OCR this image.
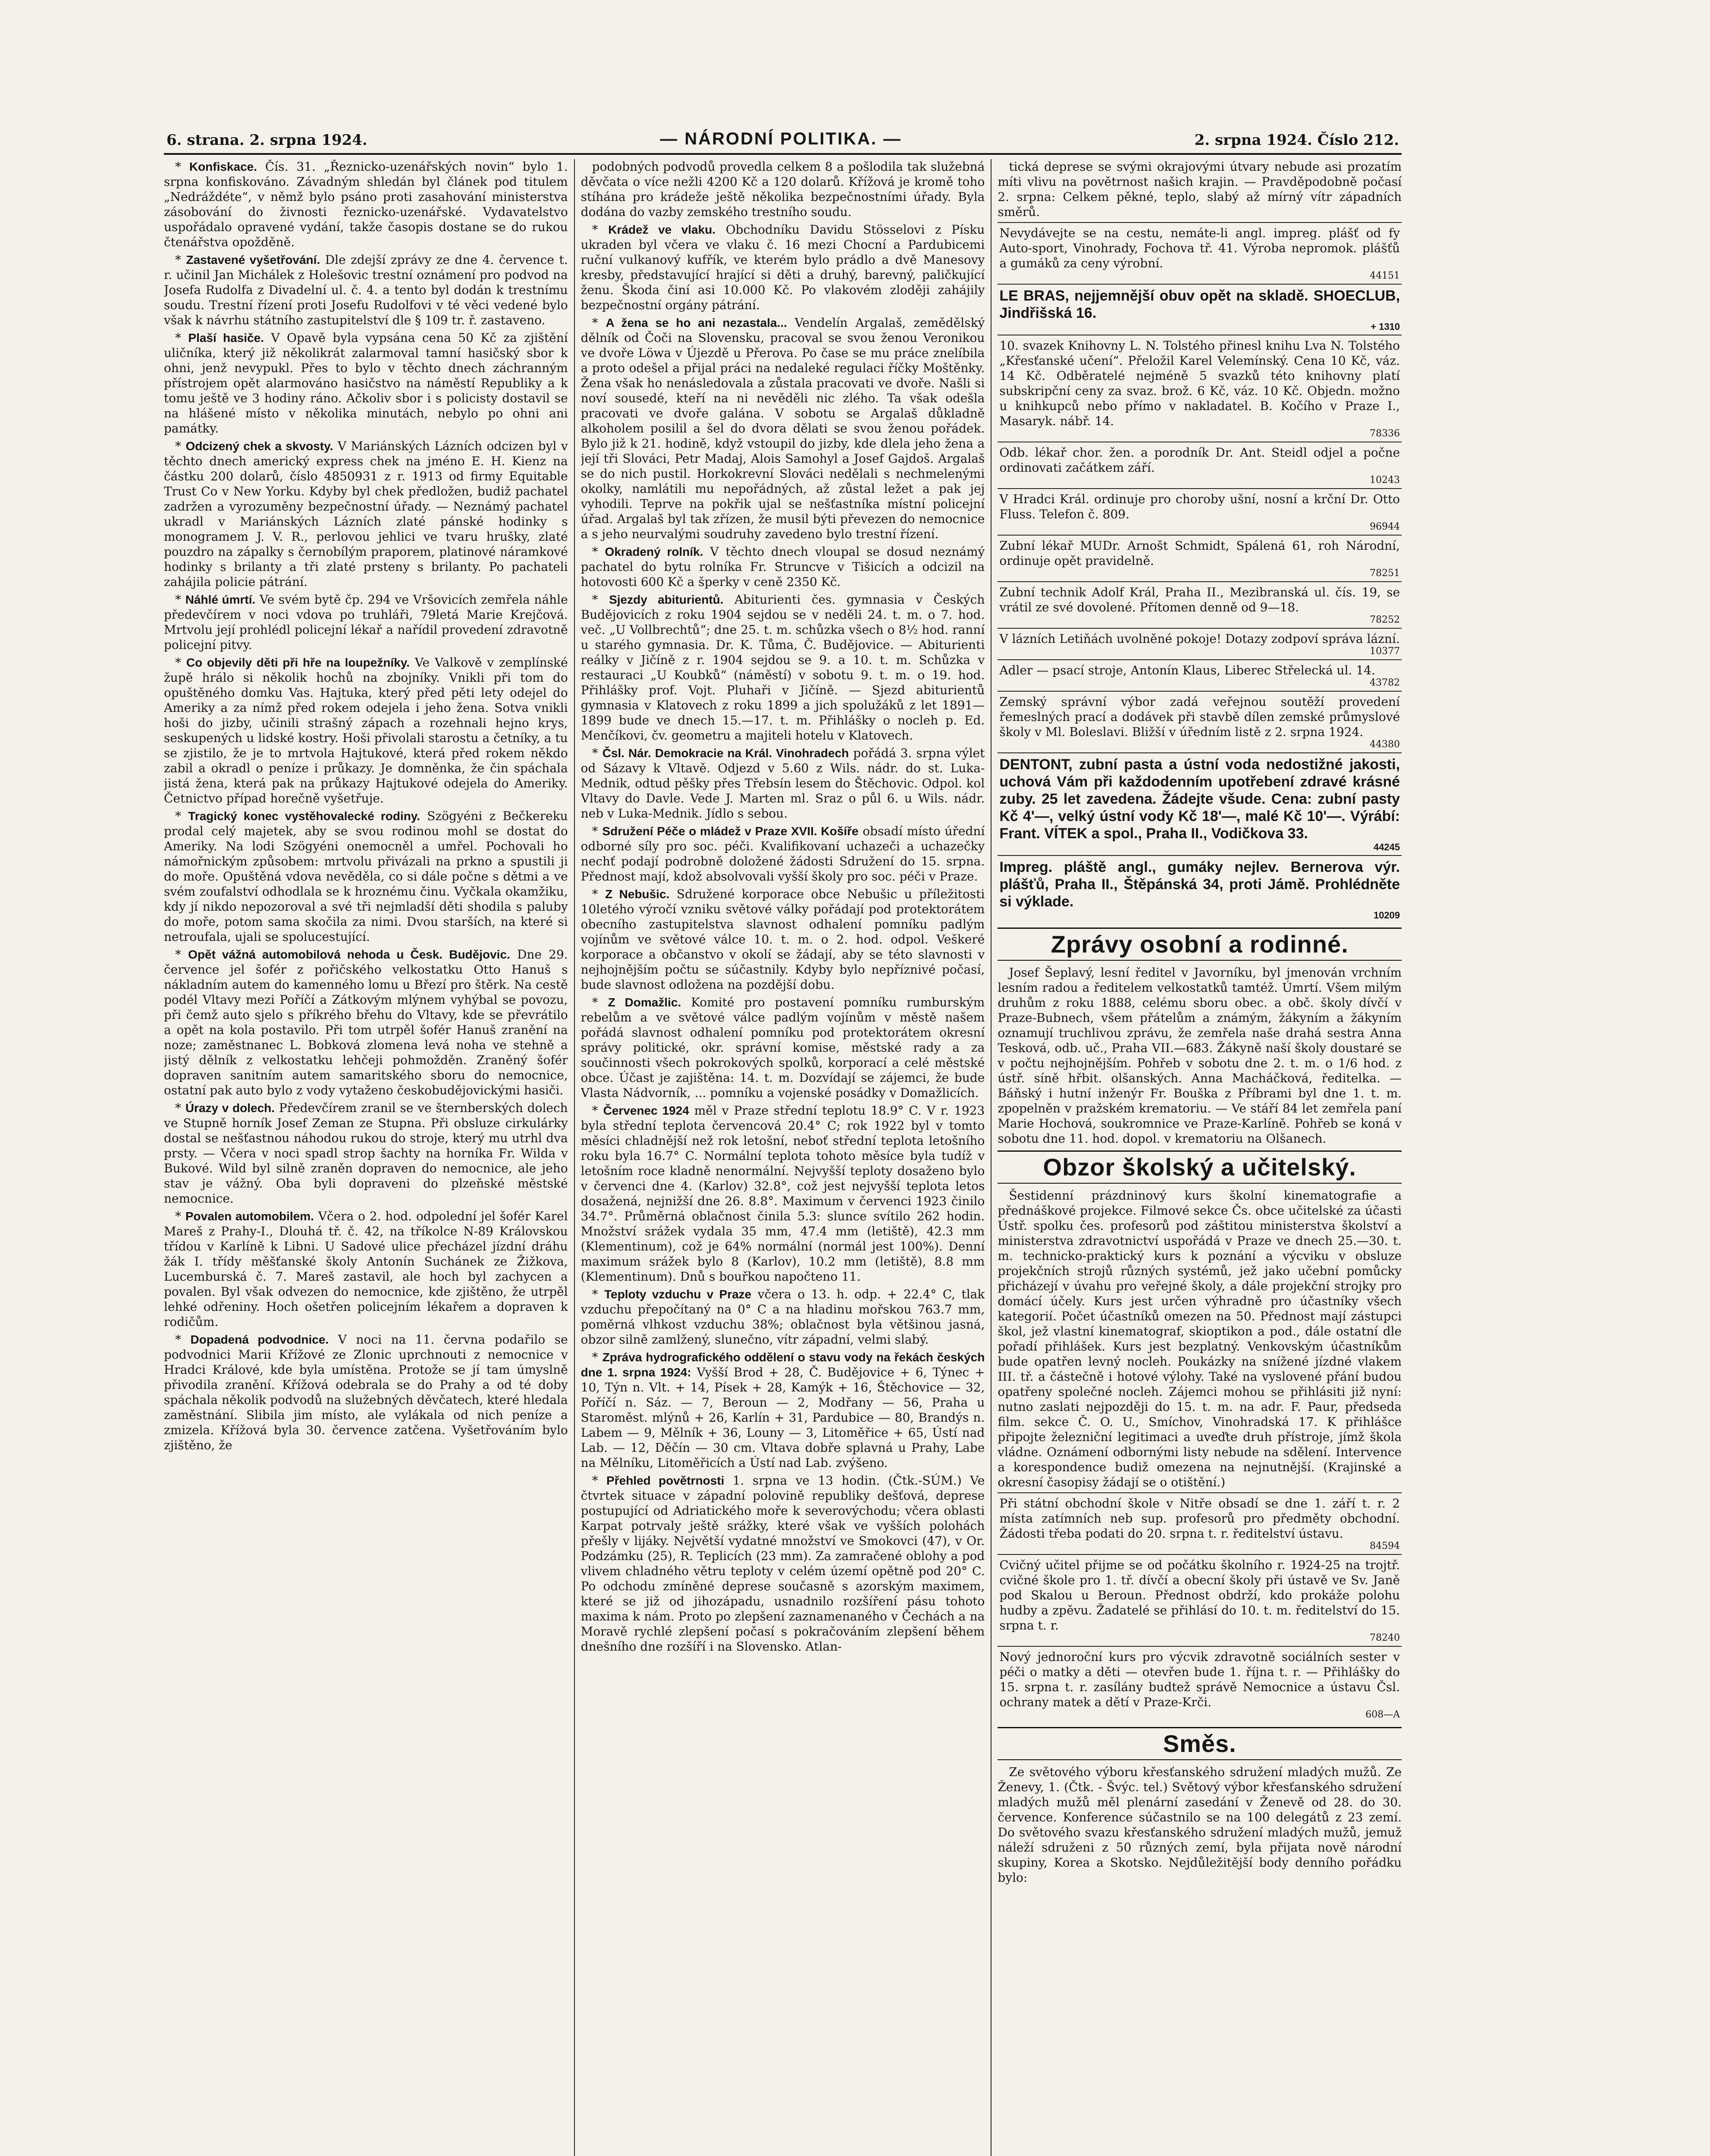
6. strana. 2. srpna 1924.	— NÁRODNÍ POLITIKA. —	2. srpna 1924. Číslo 212.

* Konfiskace. Čís. 31. „Řeznicko-uzenářských novin“ bylo 1. srpna konfiskováno. Závadným shledán byl článek pod titulem „Nedráždéte“, v němž bylo psáno proti zasahování ministerstva zásobování do živnosti řeznicko-uzenářské. Vydavatelstvo uspořádalo opravené vydání, takže časopis dostane se do rukou čtenářstva opožděně.

* Zastavené vyšetřování. Dle zdejší zprávy ze dne 4. července t. r. učinil Jan Michálek z Holešovic trestní oznámení pro podvod na Josefa Rudolfa z Divadelní ul. č. 4. a tento byl dodán k trestnímu soudu. Trestní řízení proti Josefu Rudolfovi v té věci vedené bylo však k návrhu státního zastupitelství dle § 109 tr. ř. zastaveno.

* Plaší hasiče. V Opavě byla vypsána cena 50 Kč za zjištění uličníka, který již několikrát zalarmoval tamní hasičský sbor k ohni, jenž nevypukl. Přes to bylo v těchto dnech záchranným přístrojem opět alarmováno hasičstvo na náměstí Republiky a k tomu ještě ve 3 hodiny ráno. Ačkoliv sbor i s policisty dostavil se na hlášené místo v několika minutách, nebylo po ohni ani památky.

* Odcizený chek a skvosty. V Mariánských Lázních odcizen byl v těchto dnech americký express chek na jméno E. H. Kienz na částku 200 dolarů, číslo 4850931 z r. 1913 od firmy Equitable Trust Co v New Yorku. Kdyby byl chek předložen, budiž pachatel zadržen a vyrozuměny bezpečnostní úřady. — Neznámý pachatel ukradl v Mariánských Lázních zlaté pánské hodinky s monogramem J. V. R., perlovou jehlici ve tvaru hrušky, zlaté pouzdro na zápalky s černobílým praporem, platinové náramkové hodinky s brilanty a tři zlaté prsteny s brilanty. Po pachateli zahájila policie pátrání.

* Náhlé úmrtí. Ve svém bytě čp. 294 ve Vršovicích zemřela náhle předevčírem v noci vdova po truhláři, 79letá Marie Krejčová. Mrtvolu její prohlédl policejní lékař a nařídil provedení zdravotně policejní pitvy.

* Co objevily děti při hře na loupežníky. Ve Valkově v zemplínské župě hrálo si několik hochů na zbojníky. Vnikli při tom do opuštěného domku Vas. Hajtuka, který před pěti lety odejel do Ameriky a za nímž před rokem odejela i jeho žena. Sotva vnikli hoši do jizby, učinili strašný zápach a rozehnali hejno krys, seskupených u lidské kostry. Hoši přivolali starostu a četníky, a tu se zjistilo, že je to mrtvola Hajtukové, která před rokem někdo zabil a okradl o peníze i průkazy. Je domněnka, že čin spáchala jistá žena, která pak na průkazy Hajtukové odejela do Ameriky. Četnictvo případ horečně vyšetřuje.

* Tragický konec vystěhovalecké rodiny. Szögyéni z Bečkereku prodal celý majetek, aby se svou rodinou mohl se dostat do Ameriky. Na lodi Szögyéni onemocněl a umřel. Pochovali ho námořnickým způsobem: mrtvolu přivázali na prkno a spustili ji do moře. Opuštěná vdova nevěděla, co si dále počne s dětmi a ve svém zoufalství odhodlala se k hroznému činu. Vyčkala okamžiku, kdy jí nikdo nepozoroval a své tři nejmladší děti shodila s paluby do moře, potom sama skočila za nimi. Dvou starších, na které si netroufala, ujali se spolucestující.

* Opět vážná automobilová nehoda u Česk. Budějovic. Dne 29. července jel šofér z pořičského velkostatku Otto Hanuš s nákladním autem do kamenného lomu u Březí pro štěrk. Na cestě podél Vltavy mezi Poříčí a Zátkovým mlýnem vyhýbal se povozu, při čemž auto sjelo s příkrého břehu do Vltavy, kde se převrátilo a opět na kola postavilo. Při tom utrpěl šofér Hanuš zranění na noze; zaměstnanec L. Bobková zlomena levá noha ve stehně a jistý dělník z velkostatku lehčeji pohmožděn. Zraněný šofér dopraven sanitním autem samaritského sboru do nemocnice, ostatní pak auto bylo z vody vytaženo českobudějovickými hasiči.

* Úrazy v dolech. Předevčírem zranil se ve šternberských dolech ve Stupně horník Josef Zeman ze Stupna. Při obsluze cirkulárky dostal se nešťastnou náhodou rukou do stroje, který mu utrhl dva prsty. — Včera v noci spadl strop šachty na horníka Fr. Wilda v Bukové. Wild byl silně zraněn dopraven do nemocnice, ale jeho stav je vážný. Oba byli dopraveni do plzeňské městské nemocnice.

* Povalen automobilem. Včera o 2. hod. odpolední jel šofér Karel Mareš z Prahy-I., Dlouhá tř. č. 42, na tříkolce N-89 Královskou třídou v Karlíně k Libni. U Sadové ulice přecházel jízdní dráhu žák I. třídy měšťanské školy Antonín Suchánek ze Žižkova, Lucemburská č. 7. Mareš zastavil, ale hoch byl zachycen a povalen. Byl však odvezen do nemocnice, kde zjištěno, že utrpěl lehké odřeniny. Hoch ošetřen policejním lékařem a dopraven k rodičům.

* Dopadená podvodnice. V noci na 11. června podařilo se podvodnici Marii Křížové ze Zlonic uprchnouti z nemocnice v Hradci Králové, kde byla umístěna. Protože se jí tam úmyslně přivodila zranění. Křížová odebrala se do Prahy a od té doby spáchala několik podvodů na služebných děvčatech, které hledala zaměstnání. Slibila jim místo, ale vylákala od nich peníze a zmizela. Křížová byla 30. července zatčena. Vyšetřováním bylo zjištěno, že

podobných podvodů provedla celkem 8 a pošlodila tak služebná děvčata o více nežli 4200 Kč a 120 dolarů. Křížová je kromě toho stíhána pro krádeže ještě několika bezpečnostními úřady. Byla dodána do vazby zemského trestního soudu.

* Krádež ve vlaku. Obchodníku Davidu Stösselovi z Písku ukraden byl včera ve vlaku č. 16 mezi Chocní a Pardubicemi ruční vulkanový kufřík, ve kterém bylo prádlo a dvě Manesovy kresby, představující hrající si děti a druhý, barevný, paličkující ženu. Škoda činí asi 10.000 Kč. Po vlakovém zloději zahájily bezpečnostní orgány pátrání.

* A žena se ho ani nezastala... Vendelín Argalaš, zemědělský dělník od Čoči na Slovensku, pracoval se svou ženou Veronikou ve dvoře Löwa v Újezdě u Přerova. Po čase se mu práce znelíbila a proto odešel a přijal práci na nedaleké regulaci říčky Moštěnky. Žena však ho nenásledovala a zůstala pracovati ve dvoře. Našli si noví sousedé, kteří na ni nevěděli nic zlého. Ta však odešla pracovati ve dvoře galána. V sobotu se Argalaš důkladně alkoholem posilil a šel do dvora dělati se svou ženou pořádek. Bylo již k 21. hodině, když vstoupil do jizby, kde dlela jeho žena a její tři Slováci, Petr Madaj, Alois Samohyl a Josef Gajdoš. Argalaš se do nich pustil. Horkokrevní Slováci nedělali s nechmelenými okolky, namlátili mu nepořádných, až zůstal ležet a pak jej vyhodili. Teprve na pokřik ujal se nešťastníka místní policejní úřad. Argalaš byl tak zřízen, že musil býti převezen do nemocnice a s jeho neurvalými soudruhy zavedeno bylo trestní řízení.

* Okradený rolník. V těchto dnech vloupal se dosud neznámý pachatel do bytu rolníka Fr. Struncve v Tišicích a odcizil na hotovosti 600 Kč a šperky v ceně 2350 Kč.

* Sjezdy abiturientů. Abiturienti čes. gymnasia v Českých Budějovicích z roku 1904 sejdou se v neděli 24. t. m. o 7. hod. več. „U Vollbrechtů“; dne 25. t. m. schůzka všech o 8½ hod. ranní u starého gymnasia. Dr. K. Tůma, Č. Budějovice. — Abiturienti reálky v Jičíně z r. 1904 sejdou se 9. a 10. t. m. Schůzka v restauraci „U Koubků“ (náměstí) v sobotu 9. t. m. o 19. hod. Přihlášky prof. Vojt. Pluhaři v Jičíně. — Sjezd abiturientů gymnasia v Klatovech z roku 1899 a jich spolužáků z let 1891—1899 bude ve dnech 15.—17. t. m. Přihlášky o nocleh p. Ed. Menčíkovi, čv. geometru a majiteli hotelu v Klatovech.

* Čsl. Nár. Demokracie na Král. Vinohradech pořádá 3. srpna výlet od Sázavy k Vltavě. Odjezd v 5.60 z Wils. nádr. do st. Luka-Mednik, odtud pěšky přes Třebsín lesem do Štěchovic. Odpol. kol Vltavy do Davle. Vede J. Marten ml. Sraz o půl 6. u Wils. nádr. neb v Luka-Mednik. Jídlo s sebou.

* Sdružení Péče o mládež v Praze XVII. Košíře obsadí místo úřední odborné síly pro soc. péči. Kvalifikovaní uchazeči a uchazečky nechť podají podrobně doložené žádosti Sdružení do 15. srpna. Přednost mají, kdož absolvovali vyšší školy pro soc. péči v Praze.

* Z Nebušic. Sdružené korporace obce Nebušic u příležitosti 10letého výročí vzniku světové války pořádají pod protektorátem obecního zastupitelstva slavnost odhalení pomníku padlým vojínům ve světové válce 10. t. m. o 2. hod. odpol. Veškeré korporace a občanstvo v okolí se žádají, aby se této slavnosti v nejhojnějším počtu se súčastnily. Kdyby bylo nepříznivé počasí, bude slavnost odložena na pozdější dobu.

* Z Domažlic. Komité pro postavení pomníku rumburským rebelům a ve světové válce padlým vojínům v městě našem pořádá slavnost odhalení pomníku pod protektorátem okresní správy politické, okr. správní komise, městské rady a za součinnosti všech pokrokových spolků, korporací a celé městské obce. Účast je zajištěna: 14. t. m. Dozvídají se zájemci, že bude Vlasta Nádvorník, ... pomníku a vojenské posádky v Domažlicích.

* Červenec 1924 měl v Praze střední teplotu 18.9° C. V r. 1923 byla střední teplota červencová 20.4° C; rok 1922 byl v tomto měsíci chladnější než rok letošní, neboť střední teplota letošního roku byla 16.7° C. Normální teplota tohoto měsíce byla tudíž v letošním roce kladně nenormální. Nejvyšší teploty dosaženo bylo v červenci dne 4. (Karlov) 32.8°, což jest nejvyšší teplota letos dosažená, nejnižší dne 26. 8.8°. Maximum v červenci 1923 činilo 34.7°. Průměrná oblačnost činila 5.3: slunce svítilo 262 hodin. Množství srážek vydala 35 mm, 47.4 mm (letiště), 42.3 mm (Klementinum), což je 64% normální (normál jest 100%). Denní maximum srážek bylo 8 (Karlov), 10.2 mm (letiště), 8.8 mm (Klementinum). Dnů s bouřkou napočteno 11.

* Teploty vzduchu v Praze včera o 13. h. odp. + 22.4° C, tlak vzduchu přepočítaný na 0° C a na hladinu mořskou 763.7 mm, poměrná vlhkost vzduchu 38%; oblačnost byla většinou jasná, obzor silně zamlžený, slunečno, vítr západní, velmi slabý.

* Zpráva hydrografického oddělení o stavu vody na řekách českých dne 1. srpna 1924: Vyšší Brod + 28, Č. Budějovice + 6, Týnec + 10, Týn n. Vlt. + 14, Písek + 28, Kamýk + 16, Štěchovice — 32, Poříčí n. Sáz. — 7, Beroun — 2, Modřany — 56, Praha u Staroměst. mlýnů + 26, Karlín + 31, Pardubice — 80, Brandýs n. Labem — 9, Mělník + 36, Louny — 3, Litoměřice + 65, Ústí nad Lab. — 12, Děčín — 30 cm. Vltava dobře splavná u Prahy, Labe na Mělníku, Litoměřicích a Ústí nad Lab. zvýšeno.

* Přehled povětrnosti 1. srpna ve 13 hodin. (Čtk.-SÚM.) Ve čtvrtek situace v západní polovině republiky dešťová, deprese postupující od Adriatického moře k severovýchodu; včera oblasti Karpat potrvaly ještě srážky, které však ve vyšších polohách přešly v lijáky. Největší vydatné množství ve Smokovci (47), v Or. Podzámku (25), R. Teplicích (23 mm). Za zamračené oblohy a pod vlivem chladného větru teploty v celém území opětně pod 20° C. Po odchodu zmíněné deprese současně s azorským maximem, které se již od jihozápadu, usnadnilo rozšíření pásu tohoto maxima k nám. Proto po zlepšení zaznamenaného v Čechách a na Moravě rychlé zlepšení počasí s pokračováním zlepšení během dnešního dne rozšíří i na Slovensko. Atlan-

tická deprese se svými okrajovými útvary nebude asi prozatím míti vlivu na povětrnost našich krajin. — Pravděpodobně počasí 2. srpna: Celkem pěkné, teplo, slabý až mírný vítr západních směrů.

Nevydávejte se na cestu, nemáte-li angl. impreg. plášť od fy Auto-sport, Vinohrady, Fochova tř. 41. Výroba nepromok. plášťů a gumáků za ceny výrobní.
44151
LE BRAS, nejjemnější obuv opět na skladě. SHOECLUB, Jindřišská 16.
+ 1310
10. svazek Knihovny L. N. Tolstého přinesl knihu Lva N. Tolstého „Křesťanské učení“. Přeložil Karel Velemínský. Cena 10 Kč, váz. 14 Kč. Odběratelé nejméně 5 svazků této knihovny platí subskripční ceny za svaz. brož. 6 Kč, váz. 10 Kč. Objedn. možno u knihkupců nebo přímo v nakladatel. B. Kočího v Praze I., Masaryk. nábř. 14.
78336
Odb. lékař chor. žen. a porodník Dr. Ant. Steidl odjel a počne ordinovati začátkem září.
10243
V Hradci Král. ordinuje pro choroby ušní, nosní a krční Dr. Otto Fluss. Telefon č. 809.
96944
Zubní lékař MUDr. Arnošt Schmidt, Spálená 61, roh Národní, ordinuje opět pravidelně.
78251
Zubní technik Adolf Král, Praha II., Mezibranská ul. čís. 19, se vrátil ze své dovolené. Přítomen denně od 9—18.
78252
V lázních Letiňách uvolněné pokoje! Dotazy zodpoví správa lázní.
10377
Adler — psací stroje, Antonín Klaus, Liberec Střelecká ul. 14.
43782
Zemský správní výbor zadá veřejnou soutěží provedení řemeslných prací a dodávek při stavbě dílen zemské průmyslové školy v Ml. Boleslavi. Bližší v úředním listě z 2. srpna 1924.
44380
DENTONT, zubní pasta a ústní voda nedostižné jakosti, uchová Vám při každodenním upotřebení zdravé krásné zuby. 25 let zavedena. Žádejte všude. Cena: zubní pasty Kč 4'—, velký ústní vody Kč 18'—, malé Kč 10'—. Výrábí: Frant. VÍTEK a spol., Praha II., Vodičkova 33.
44245
Impreg. pláště angl., gumáky nejlev. Bernerova výr. plášťů, Praha II., Štěpánská 34, proti Jámě. Prohlédněte si výklade.
10209
Zprávy osobní a rodinné.

Josef Šeplavý, lesní ředitel v Javorníku, byl jmenován vrchním lesním radou a ředitelem velkostatků tamtéž. Úmrtí. Všem milým druhům z roku 1888, celému sboru obec. a obč. školy dívčí v Praze-Bubnech, všem přátelům a známým, žákyním a žákyním oznamují truchlivou zprávu, že zemřela naše drahá sestra Anna Tesková, odb. uč., Praha VII.—683. Žákyně naší školy doustaré se v počtu nejhojnějším. Pohřeb v sobotu dne 2. t. m. o 1/6 hod. z ústř. síně hřbit. olšanských. Anna Macháčková, ředitelka. — Báňský i hutní inženýr Fr. Bouška z Příbrami byl dne 1. t. m. zpopelněn v pražském krematoriu. — Ve stáří 84 let zemřela paní Marie Hochová, soukromnice ve Praze-Karlíně. Pohřeb se koná v sobotu dne 11. hod. dopol. v krematoriu na Olšanech.

Obzor školský a učitelský.

Šestidenní prázdninový kurs školní kinematografie a přednáškové projekce. Filmové sekce Čs. obce učitelské za účasti Ústř. spolku čes. profesorů pod záštitou ministerstva školství a ministerstva zdravotnictví uspořádá v Praze ve dnech 25.—30. t. m. technicko-praktický kurs k poznání a výcviku v obsluze projekčních strojů různých systémů, jež jako učební pomůcky přicházejí v úvahu pro veřejné školy, a dále projekční strojky pro domácí účely. Kurs jest určen výhradně pro účastníky všech kategorií. Počet účastníků omezen na 50. Přednost mají zástupci škol, jež vlastní kinematograf, skioptikon a pod., dále ostatní dle pořadí přihlášek. Kurs jest bezplatný. Venkovským účastníkům bude opatřen levný nocleh. Poukázky na snížené jízdné vlakem III. tř. a částečně i hotové výlohy. Také na vyslovené přání budou opatřeny společné nocleh. Zájemci mohou se přihlásiti již nyní: nutno zaslati nejpozději do 15. t. m. na adr. F. Paur, předseda film. sekce Č. O. U., Smíchov, Vinohradská 17. K přihlášce připojte železniční legitimaci a uveďte druh přístroje, jímž škola vládne. Oznámení odbornými listy nebude na sdělení. Intervence a korespondence budiž omezena na nejnutnější. (Krajinské a okresní časopisy žádají se o otištění.)

Při státní obchodní škole v Nitře obsadí se dne 1. září t. r. 2 místa zatímních neb sup. profesorů pro předměty obchodní. Žádosti třeba podati do 20. srpna t. r. ředitelství ústavu.
84594
Cvičný učitel přijme se od počátku školního r. 1924-25 na trojtř. cvičné škole pro 1. tř. dívčí a obecní školy při ústavě ve Sv. Janě pod Skalou u Beroun. Přednost obdrží, kdo prokáže polohu hudby a zpěvu. Žadatelé se přihlásí do 10. t. m. ředitelství do 15. srpna t. r.
78240
Nový jednoroční kurs pro výcvik zdravotně sociálních sester v péči o matky a děti — otevřen bude 1. října t. r. — Přihlášky do 15. srpna t. r. zasílány budtež správě Nemocnice a ústavu Čsl. ochrany matek a dětí v Praze-Krči.
608—A
Směs.

Ze světového výboru křesťanského sdružení mladých mužů. Ze Ženevy, 1. (Čtk. - Švýc. tel.) Světový výbor křesťanského sdružení mladých mužů měl plenární zasedání v Ženevě od 28. do 30. července. Konference súčastnilo se na 100 delegátů z 23 zemí. Do světového svazu křesťanského sdružení mladých mužů, jemuž náleží sdruženi z 50 různých zemí, byla přijata nově národní skupiny, Korea a Skotsko. Nejdůležitější body denního pořádku bylo:
